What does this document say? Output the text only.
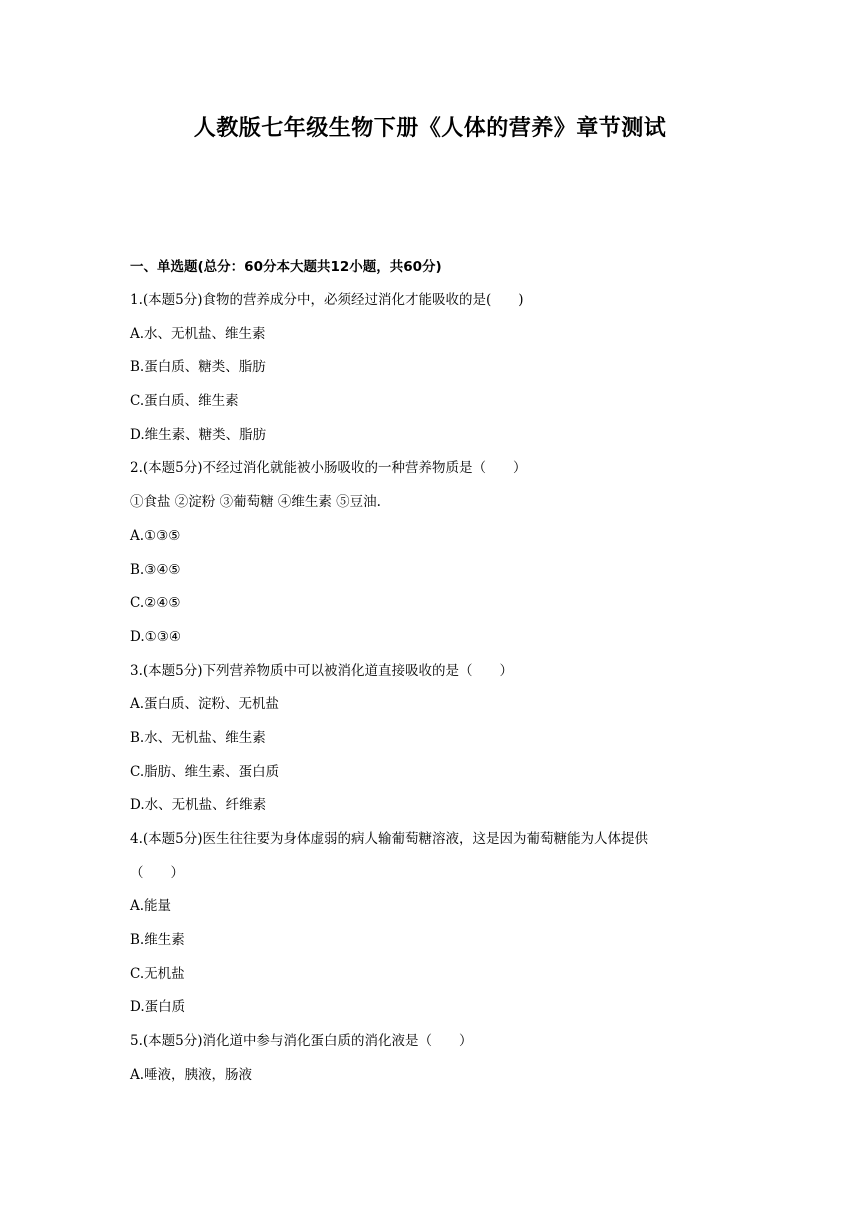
人教版七年级生物下册《人体的营养》章节测试
一、单选题(总分：60分本大题共12小题，共60分)
1.(本题5分)食物的营养成分中，必须经过消化才能吸收的是(　　)
A.水、无机盐、维生素
B.蛋白质、糖类、脂肪
C.蛋白质、维生素
D.维生素、糖类、脂肪
2.(本题5分)不经过消化就能被小肠吸收的一种营养物质是（　　）
①食盐 ②淀粉 ③葡萄糖 ④维生素 ⑤豆油.
A.①③⑤
B.③④⑤
C.②④⑤
D.①③④
3.(本题5分)下列营养物质中可以被消化道直接吸收的是（　　）
A.蛋白质、淀粉、无机盐
B.水、无机盐、维生素
C.脂肪、维生素、蛋白质
D.水、无机盐、纤维素
4.(本题5分)医生往往要为身体虚弱的病人输葡萄糖溶液，这是因为葡萄糖能为人体提供
（　　）
A.能量
B.维生素
C.无机盐
D.蛋白质
5.(本题5分)消化道中参与消化蛋白质的消化液是（　　）
A.唾液，胰液，肠液
